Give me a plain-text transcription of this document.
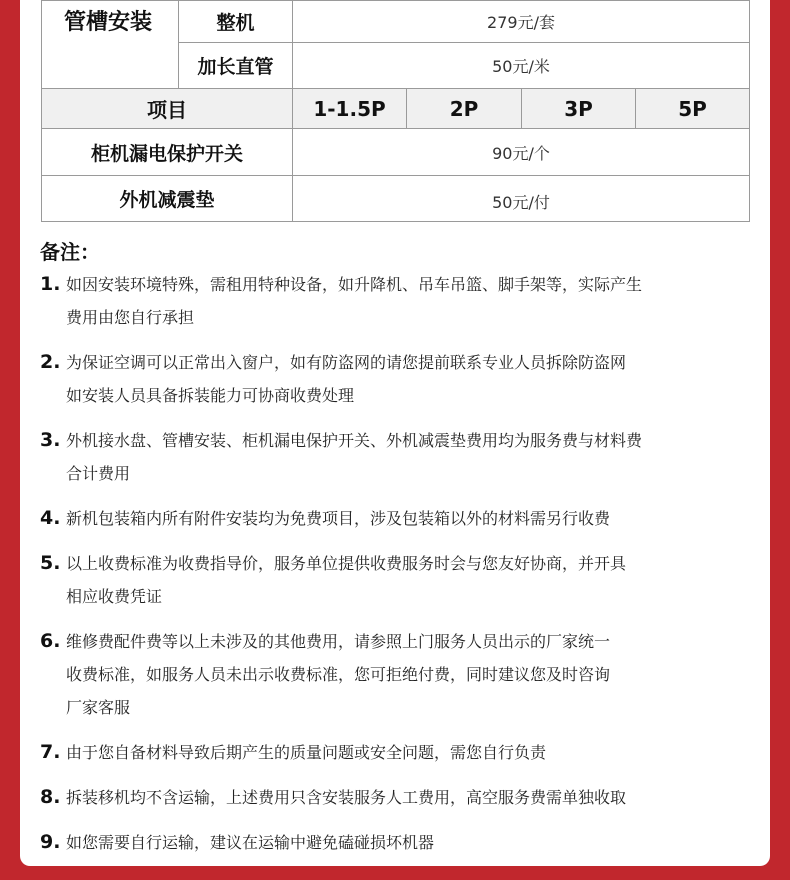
管槽安装	整机	279元/套			
	加长直管	50元/米			
项目		1-1.5P	2P	3P	5P
柜机漏电保护开关		90元/个			
外机减震垫		50元/付			
备注：
1. 如因安装环境特殊，需租用特种设备，如升降机、吊车吊篮、脚手架等，实际产生
费用由您自行承担
2. 为保证空调可以正常出入窗户，如有防盗网的请您提前联系专业人员拆除防盗网
如安装人员具备拆装能力可协商收费处理
3. 外机接水盘、管槽安装、柜机漏电保护开关、外机减震垫费用均为服务费与材料费
合计费用
4. 新机包装箱内所有附件安装均为免费项目，涉及包装箱以外的材料需另行收费
5. 以上收费标准为收费指导价，服务单位提供收费服务时会与您友好协商，并开具
相应收费凭证
6. 维修费配件费等以上未涉及的其他费用，请参照上门服务人员出示的厂家统一
收费标准，如服务人员未出示收费标准，您可拒绝付费，同时建议您及时咨询
厂家客服
7. 由于您自备材料导致后期产生的质量问题或安全问题，需您自行负责
8. 拆装移机均不含运输，上述费用只含安装服务人工费用，高空服务费需单独收取
9. 如您需要自行运输，建议在运输中避免磕碰损坏机器
